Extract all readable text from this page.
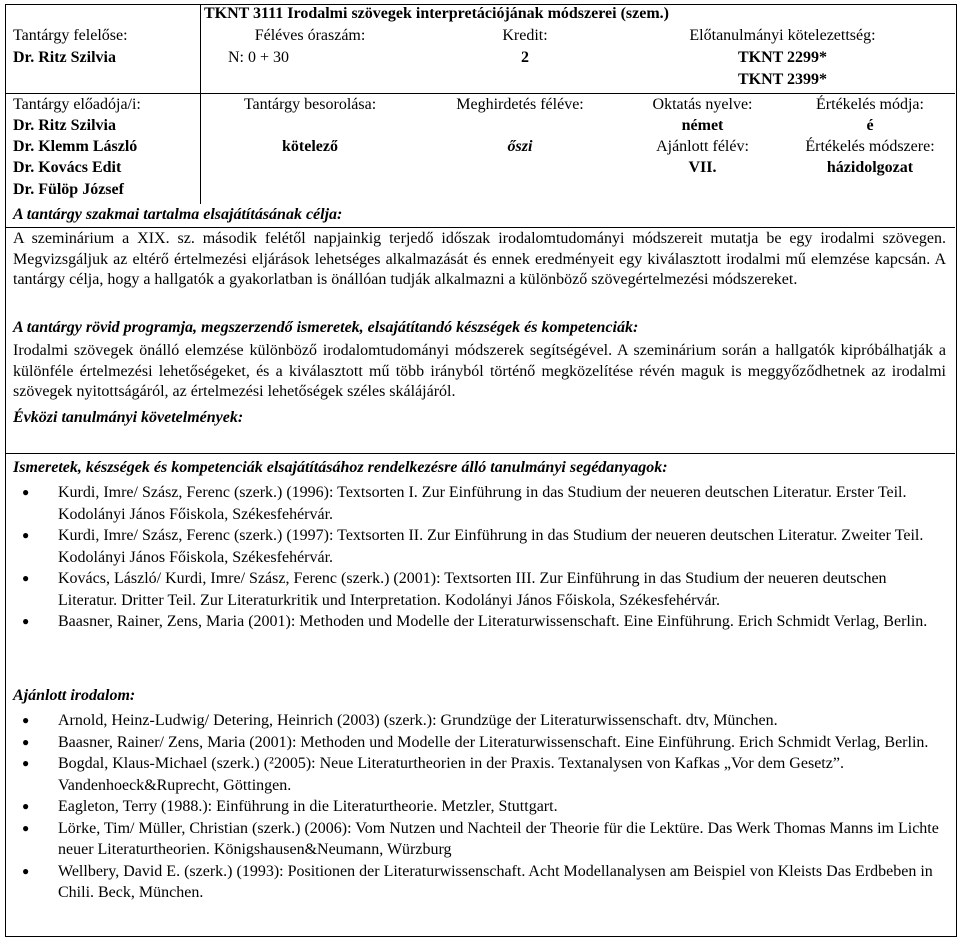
TKNT 3111 Irodalmi szövegek interpretációjának módszerei (szem.)
Tantárgy felelőse:
Dr. Ritz Szilvia
Féléves óraszám:
N: 0 + 30
Kredit:
2
Előtanulmányi kötelezettség:
TKNT 2299*
TKNT 2399*
Tantárgy előadója/i:
Dr. Ritz Szilvia
Dr. Klemm László
Dr. Kovács Edit
Dr. Fülöp József
Tantárgy besorolása:
kötelező
Meghirdetés féléve:
őszi
Oktatás nyelve:
német
Ajánlott félév:
VII.
Értékelés módja:
é
Értékelés módszere:
házidolgozat
A tantárgy szakmai tartalma elsajátításának célja:
A szeminárium a XIX. sz. második felétől napjainkig terjedő időszak irodalomtudományi módszereit mutatja be egy irodalmi szövegen. Megvizsgáljuk az eltérő értelmezési eljárások lehetséges alkalmazását és ennek eredményeit egy kiválasztott irodalmi mű elemzése kapcsán. A tantárgy célja, hogy a hallgatók a gyakorlatban is önállóan tudják alkalmazni a különböző szövegértelmezési módszereket.
A tantárgy rövid programja, megszerzendő ismeretek, elsajátítandó készségek és kompetenciák:
Irodalmi szövegek önálló elemzése különböző irodalomtudományi módszerek segítségével. A szeminárium során a hallgatók kipróbálhatják a különféle értelmezési lehetőségeket, és a kiválasztott mű több irányból történő megközelítése révén maguk is meggyőződhetnek az irodalmi szövegek nyitottságáról, az értelmezési lehetőségek széles skálájáról.
Évközi tanulmányi követelmények:
Ismeretek, készségek és kompetenciák elsajátításához rendelkezésre álló tanulmányi segédanyagok:
● Kurdi, Imre/ Szász, Ferenc (szerk.) (1996): Textsorten I. Zur Einführung in das Studium der neueren deutschen Literatur. Erster Teil. Kodolányi János Főiskola, Székesfehérvár.
● Kurdi, Imre/ Szász, Ferenc (szerk.) (1997): Textsorten II. Zur Einführung in das Studium der neueren deutschen Literatur. Zweiter Teil. Kodolányi János Főiskola, Székesfehérvár.
● Kovács, László/ Kurdi, Imre/ Szász, Ferenc (szerk.) (2001): Textsorten III. Zur Einführung in das Studium der neueren deutschen Literatur. Dritter Teil. Zur Literaturkritik und Interpretation. Kodolányi János Főiskola, Székesfehérvár.
● Baasner, Rainer, Zens, Maria (2001): Methoden und Modelle der Literaturwissenschaft. Eine Einführung. Erich Schmidt Verlag, Berlin.
Ajánlott irodalom:
● Arnold, Heinz-Ludwig/ Detering, Heinrich (2003) (szerk.): Grundzüge der Literaturwissenschaft. dtv, München.
● Baasner, Rainer/ Zens, Maria (2001): Methoden und Modelle der Literaturwissenschaft. Eine Einführung. Erich Schmidt Verlag, Berlin.
● Bogdal, Klaus-Michael (szerk.) (²2005): Neue Literaturtheorien in der Praxis. Textanalysen von Kafkas „Vor dem Gesetz”. Vandenhoeck&Ruprecht, Göttingen.
● Eagleton, Terry (1988.): Einführung in die Literaturtheorie. Metzler, Stuttgart.
● Lörke, Tim/ Müller, Christian (szerk.) (2006): Vom Nutzen und Nachteil der Theorie für die Lektüre. Das Werk Thomas Manns im Lichte neuer Literaturtheorien. Königshausen&Neumann, Würzburg
● Wellbery, David E. (szerk.) (1993): Positionen der Literaturwissenschaft. Acht Modellanalysen am Beispiel von Kleists Das Erdbeben in Chili. Beck, München.
